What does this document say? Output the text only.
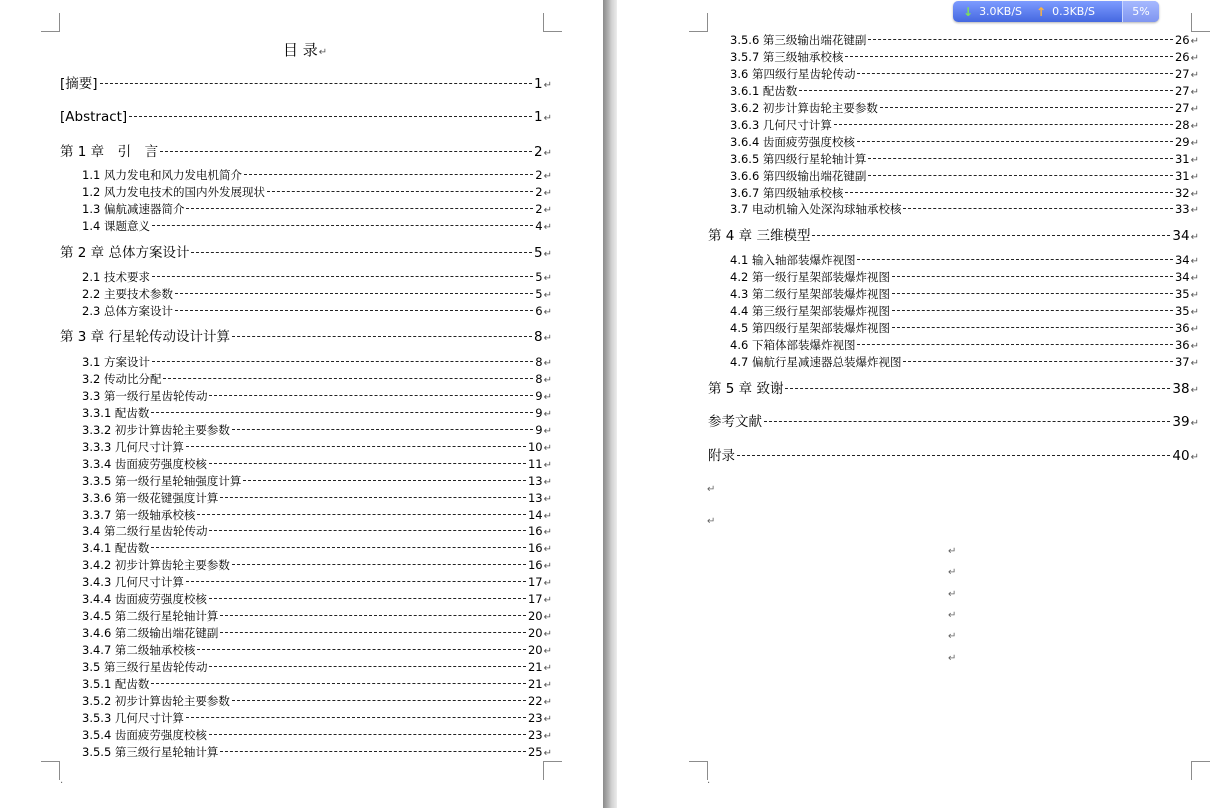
目 录↵
[摘要]	1 ↵
[Abstract]	1 ↵
第 1 章　引　言	2 ↵
1.1 风力发电和风力发电机简介	2 ↵
1.2 风力发电技术的国内外发展现状	2 ↵
1.3 偏航减速器简介	2 ↵
1.4 课题意义	4 ↵
第 2 章 总体方案设计	5 ↵
2.1 技术要求	5 ↵
2.2 主要技术参数	5 ↵
2.3 总体方案设计	6 ↵
第 3 章 行星轮传动设计计算	8 ↵
3.1 方案设计	8 ↵
3.2 传动比分配	8 ↵
3.3 第一级行星齿轮传动	9 ↵
3.3.1 配齿数	9 ↵
3.3.2 初步计算齿轮主要参数	9 ↵
3.3.3 几何尺寸计算	10 ↵
3.3.4 齿面疲劳强度校核	11 ↵
3.3.5 第一级行星轮轴强度计算	13 ↵
3.3.6 第一级花键强度计算	13 ↵
3.3.7 第一级轴承校核	14 ↵
3.4 第二级行星齿轮传动	16 ↵
3.4.1 配齿数	16 ↵
3.4.2 初步计算齿轮主要参数	16 ↵
3.4.3 几何尺寸计算	17 ↵
3.4.4 齿面疲劳强度校核	17 ↵
3.4.5 第二级行星轮轴计算	20 ↵
3.4.6 第二级输出端花键副	20 ↵
3.4.7 第二级轴承校核	20 ↵
3.5 第三级行星齿轮传动	21 ↵
3.5.1 配齿数	21 ↵
3.5.2 初步计算齿轮主要参数	22 ↵
3.5.3 几何尺寸计算	23 ↵
3.5.4 齿面疲劳强度校核	23 ↵
3.5.5 第三级行星轮轴计算	25 ↵
.
3.5.6 第三级输出端花键副	26 ↵
3.5.7 第三级轴承校核	26 ↵
3.6 第四级行星齿轮传动	27 ↵
3.6.1 配齿数	27 ↵
3.6.2 初步计算齿轮主要参数	27 ↵
3.6.3 几何尺寸计算	28 ↵
3.6.4 齿面疲劳强度校核	29 ↵
3.6.5 第四级行星轮轴计算	31 ↵
3.6.6 第四级输出端花键副	31 ↵
3.6.7 第四级轴承校核	32 ↵
3.7 电动机输入处深沟球轴承校核	33 ↵
第 4 章 三维模型	34 ↵
4.1 输入轴部装爆炸视图	34 ↵
4.2 第一级行星架部装爆炸视图	34 ↵
4.3 第二级行星架部装爆炸视图	35 ↵
4.4 第三级行星架部装爆炸视图	35 ↵
4.5 第四级行星架部装爆炸视图	36 ↵
4.6 下箱体部装爆炸视图	36 ↵
4.7 偏航行星减速器总装爆炸视图	37 ↵
第 5 章 致谢	38 ↵
参考文献	39 ↵
附录	40 ↵
↵
↵
↵
↵
↵
↵
↵
↵
.
↓ 3.0KB/S ↑ 0.3KB/S	5%
